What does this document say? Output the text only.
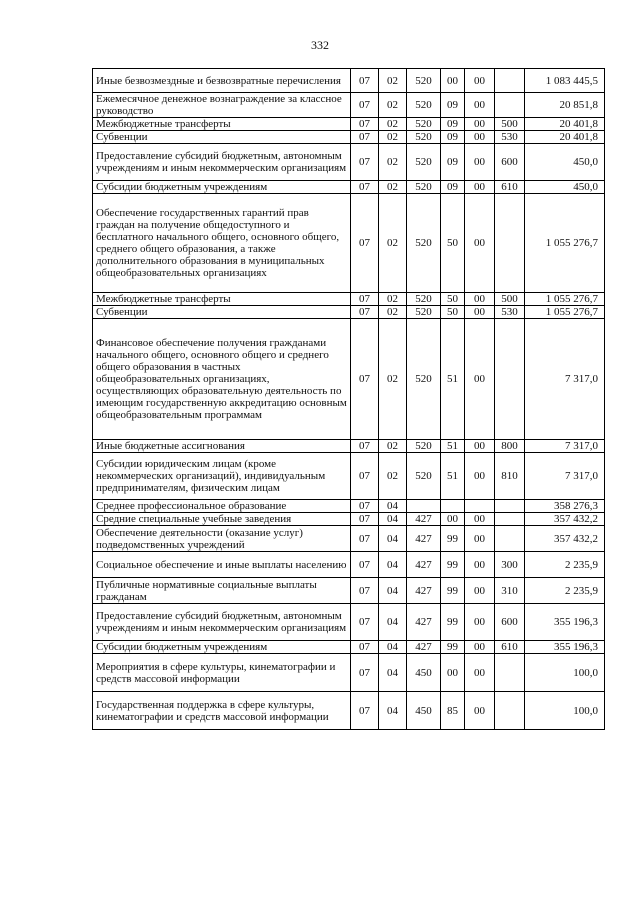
332
Иные безвозмездные и безвозвратные перечисления	07	02	520	00	00		1 083 445,5
Ежемесячное денежное вознаграждение за классное руководство	07	02	520	09	00		20 851,8
Межбюджетные трансферты	07	02	520	09	00	500	20 401,8
Субвенции	07	02	520	09	00	530	20 401,8
Предоставление субсидий бюджетным, автономным учреждениям и иным некоммерческим организациям	07	02	520	09	00	600	450,0
Субсидии бюджетным учреждениям	07	02	520	09	00	610	450,0
Обеспечение государственных гарантий прав граждан на получение общедоступного и бесплатного начального общего, основного общего, среднего общего образования, а также дополнительного образования в муниципальных общеобразовательных организациях	07	02	520	50	00		1 055 276,7
Межбюджетные трансферты	07	02	520	50	00	500	1 055 276,7
Субвенции	07	02	520	50	00	530	1 055 276,7
Финансовое обеспечение получения гражданами начального общего, основного общего и среднего общего образования в частных общеобразовательных организациях, осуществляющих образовательную деятельность по имеющим государственную аккредитацию основным общеобразовательным программам	07	02	520	51	00		7 317,0
Иные бюджетные ассигнования	07	02	520	51	00	800	7 317,0
Субсидии юридическим лицам (кроме некоммерческих организаций), индивидуальным предпринимателям, физическим лицам	07	02	520	51	00	810	7 317,0
Среднее профессиональное образование	07	04					358 276,3
Средние специальные учебные заведения	07	04	427	00	00		357 432,2
Обеспечение деятельности (оказание услуг) подведомственных учреждений	07	04	427	99	00		357 432,2
Социальное обеспечение и иные выплаты населению	07	04	427	99	00	300	2 235,9
Публичные нормативные социальные выплаты гражданам	07	04	427	99	00	310	2 235,9
Предоставление субсидий бюджетным, автономным учреждениям и иным некоммерческим организациям	07	04	427	99	00	600	355 196,3
Субсидии бюджетным учреждениям	07	04	427	99	00	610	355 196,3
Мероприятия в сфере культуры, кинематографии и средств массовой информации	07	04	450	00	00		100,0
Государственная поддержка в сфере культуры, кинематографии и средств массовой информации	07	04	450	85	00		100,0
